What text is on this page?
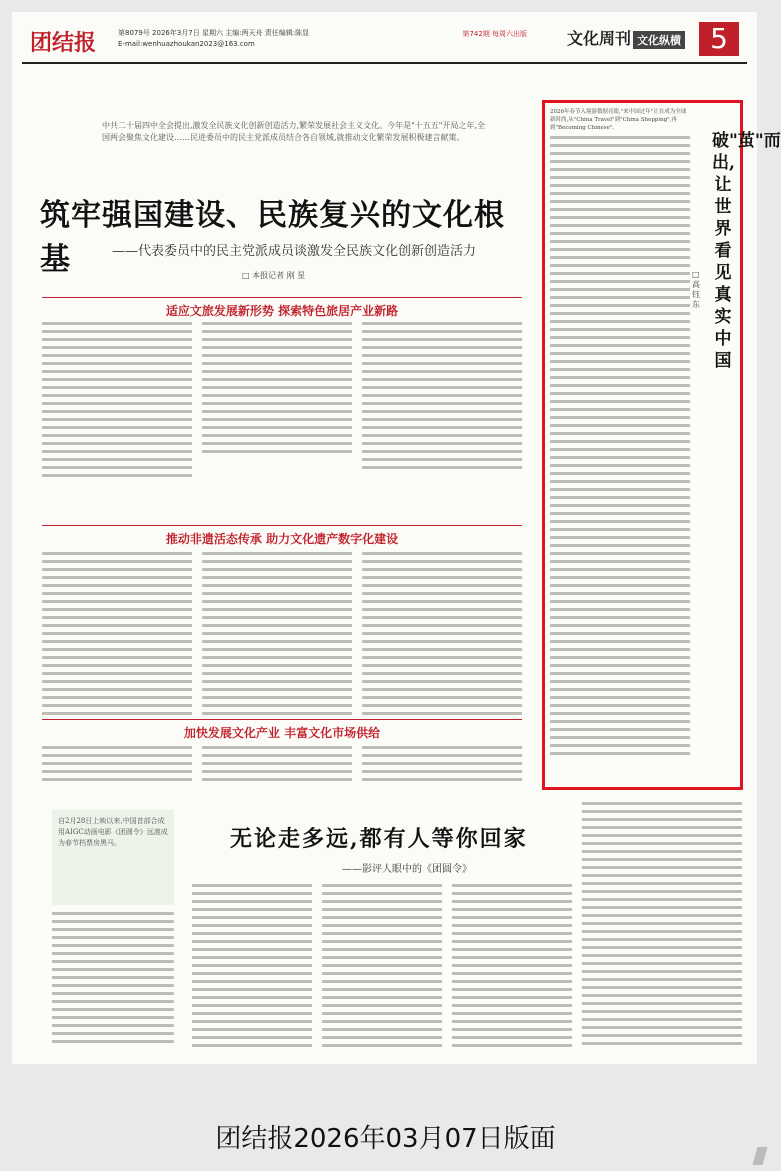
团结报	第8079号 2026年3月7日 星期六 主编:两天舟 责任编辑:陈显
E-mail:wenhuazhoukan2023@163.com
第742期 每周六出版 文化周刊 文化纵横	5
中共二十届四中全会提出,激发全民族文化创新创造活力,繁荣发展社会主义文化。今年是"十五五"开局之年,全国两会聚焦文化建设……民进委员中的民主党派成员结合各自领域,就推动文化繁荣发展积极建言献策。
筑牢强国建设、民族复兴的文化根基	——代表委员中的民主党派成员谈激发全民族文化创新创造活力
□ 本报记者 刚 星
适应文旅发展新形势 探索特色旅居产业新路
推动非遗活态传承 助力文化遗产数字化建设
加快发展文化产业 丰富文化市场供给
2026年春节入境游数据亮眼,"来中国过年"正在成为全球新时尚,从"China Travel"到"China Shopping",再到"Becoming Chinese"。
破"茧"而出,让世界看见真实中国
□ 高钰东
自2月28日上映以来,中国首部合成用AIGC动画电影《团圆令》远渡成为春节档票房黑马。	无论走多远,都有人等你回家
——影评人眼中的《团圆令》
团结报2026年03月07日版面
